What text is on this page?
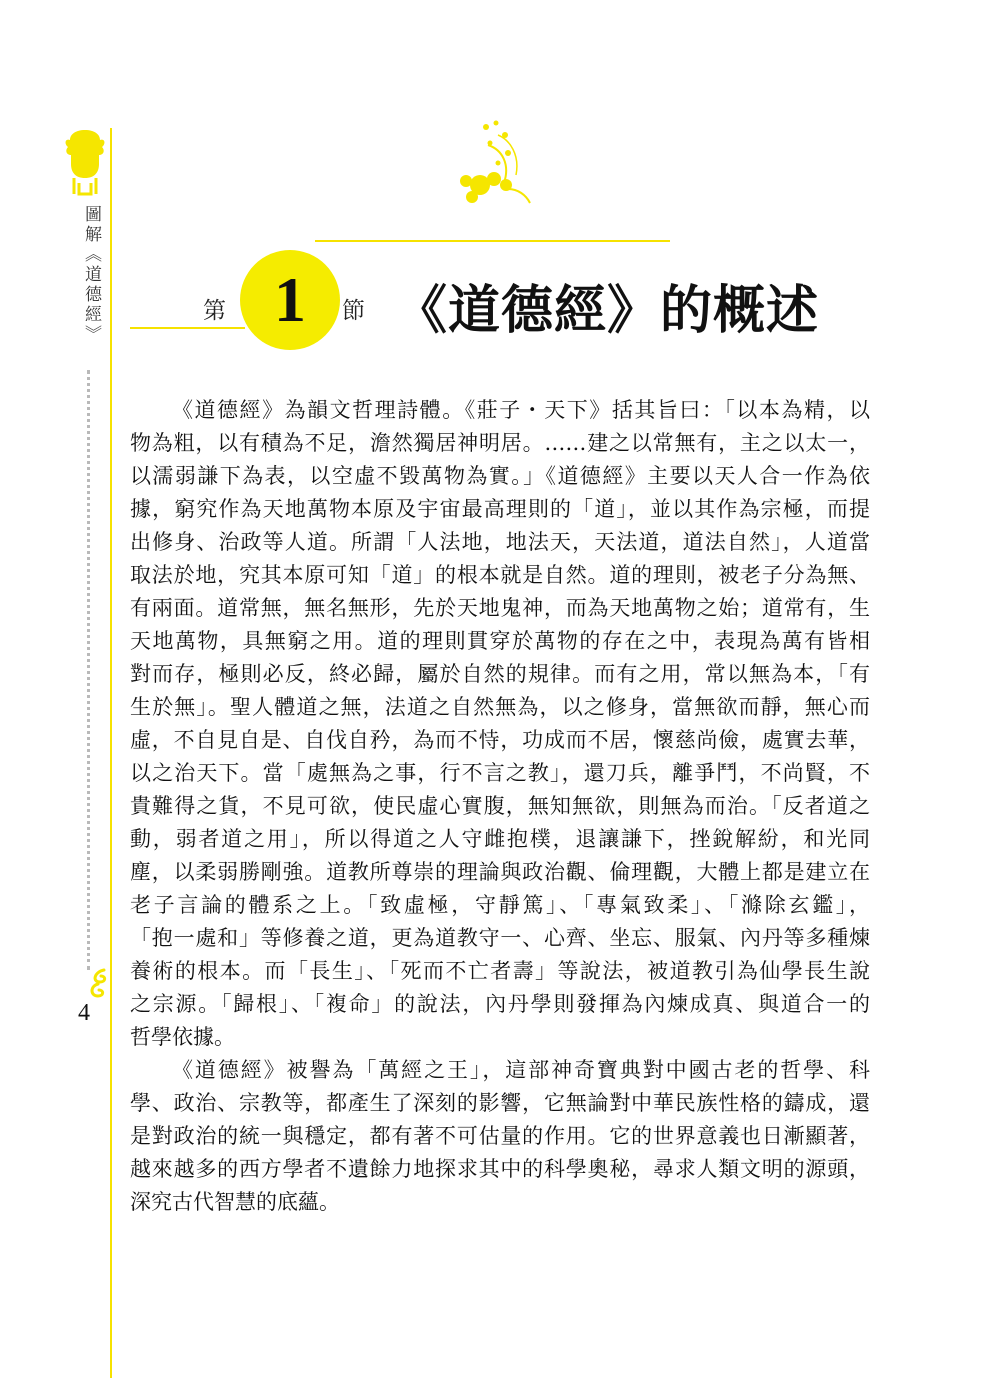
圖解《道德經》
4
1
第	節 《道德經》的概述
《道德經》為韻文哲理詩體。《莊子・天下》括其旨曰：「以本為精，以
物為粗，以有積為不足，澹然獨居神明居。……建之以常無有，主之以太一，
以濡弱謙下為表，以空虛不毀萬物為實。」《道德經》主要以天人合一作為依
據，窮究作為天地萬物本原及宇宙最高理則的「道」，並以其作為宗極，而提
出修身、治政等人道。所謂「人法地，地法天，天法道，道法自然」，人道當
取法於地，究其本原可知「道」的根本就是自然。道的理則，被老子分為無、
有兩面。道常無，無名無形，先於天地鬼神，而為天地萬物之始；道常有，生
天地萬物，具無窮之用。道的理則貫穿於萬物的存在之中，表現為萬有皆相
對而存，極則必反，終必歸，屬於自然的規律。而有之用，常以無為本，「有
生於無」。聖人體道之無，法道之自然無為，以之修身，當無欲而靜，無心而
虛，不自見自是、自伐自矜，為而不恃，功成而不居，懷慈尚儉，處實去華，
以之治天下。當「處無為之事，行不言之教」，還刀兵，離爭鬥，不尚賢，不
貴難得之貨，不見可欲，使民虛心實腹，無知無欲，則無為而治。「反者道之
動，弱者道之用」，所以得道之人守雌抱樸，退讓謙下，挫銳解紛，和光同
塵，以柔弱勝剛強。道教所尊崇的理論與政治觀、倫理觀，大體上都是建立在
老子言論的體系之上。「致虛極，守靜篤」、「專氣致柔」、「滌除玄鑑」，
「抱一處和」等修養之道，更為道教守一、心齊、坐忘、服氣、內丹等多種煉
養術的根本。而「長生」、「死而不亡者壽」等說法，被道教引為仙學長生說
之宗源。「歸根」、「複命」的說法，內丹學則發揮為內煉成真、與道合一的
哲學依據。
《道德經》被譽為「萬經之王」，這部神奇寶典對中國古老的哲學、科
學、政治、宗教等，都產生了深刻的影響，它無論對中華民族性格的鑄成，還
是對政治的統一與穩定，都有著不可估量的作用。它的世界意義也日漸顯著，
越來越多的西方學者不遺餘力地探求其中的科學奧秘，尋求人類文明的源頭，
深究古代智慧的底蘊。
